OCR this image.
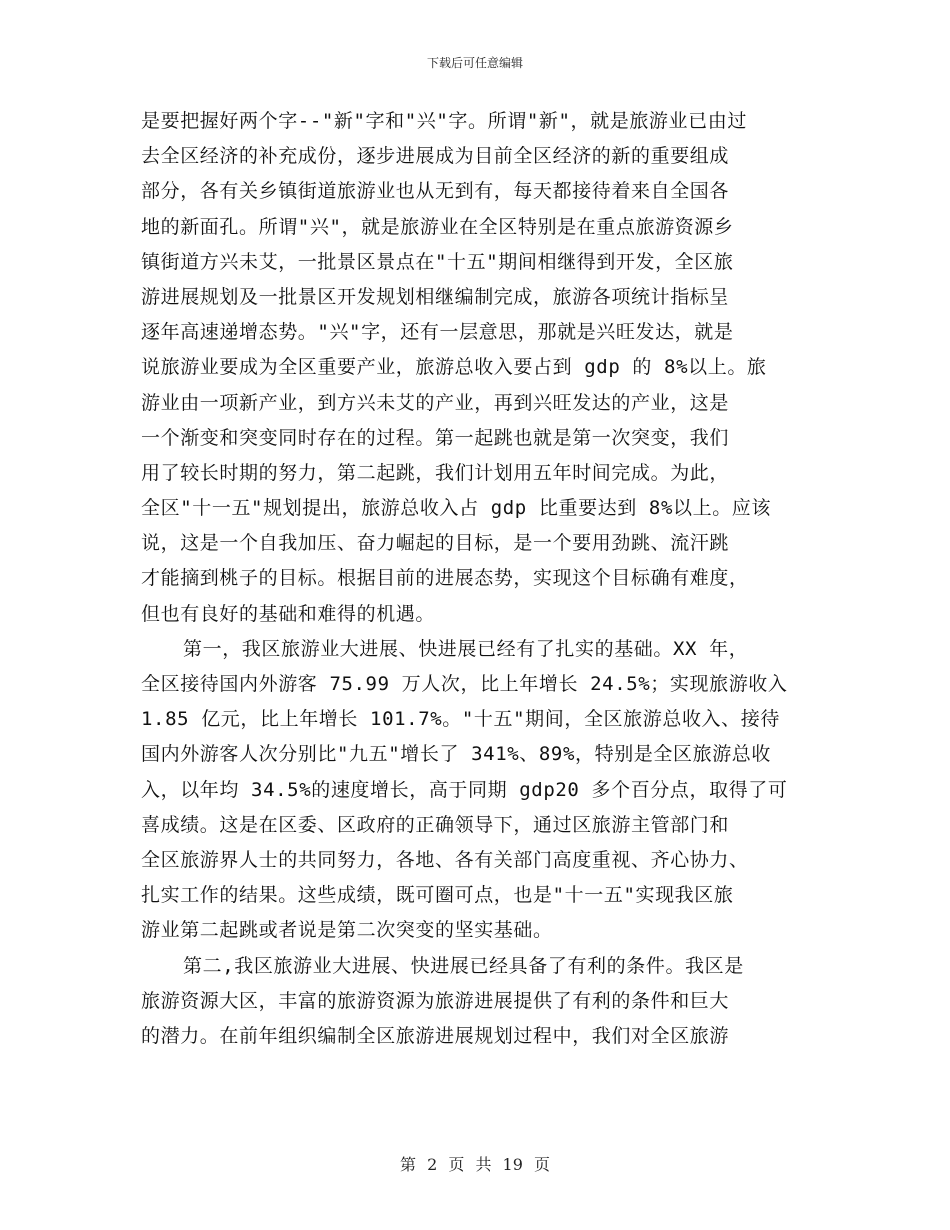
下载后可任意编辑
是要把握好两个字--"新"字和"兴"字。所谓"新"，就是旅游业已由过
去全区经济的补充成份，逐步进展成为目前全区经济的新的重要组成
部分，各有关乡镇街道旅游业也从无到有，每天都接待着来自全国各
地的新面孔。所谓"兴"，就是旅游业在全区特别是在重点旅游资源乡
镇街道方兴未艾，一批景区景点在"十五"期间相继得到开发，全区旅
游进展规划及一批景区开发规划相继编制完成，旅游各项统计指标呈
逐年高速递增态势。"兴"字，还有一层意思，那就是兴旺发达，就是
说旅游业要成为全区重要产业，旅游总收入要占到 gdp 的 8%以上。旅
游业由一项新产业，到方兴未艾的产业，再到兴旺发达的产业，这是
一个渐变和突变同时存在的过程。第一起跳也就是第一次突变，我们
用了较长时期的努力，第二起跳，我们计划用五年时间完成。为此，
全区"十一五"规划提出，旅游总收入占 gdp 比重要达到 8%以上。应该
说，这是一个自我加压、奋力崛起的目标，是一个要用劲跳、流汗跳
才能摘到桃子的目标。根据目前的进展态势，实现这个目标确有难度，
但也有良好的基础和难得的机遇。
第一，我区旅游业大进展、快进展已经有了扎实的基础。XX 年，
全区接待国内外游客 75.99 万人次，比上年增长 24.5%；实现旅游收入
1.85 亿元，比上年增长 101.7%。"十五"期间，全区旅游总收入、接待
国内外游客人次分别比"九五"增长了 341%、89%，特别是全区旅游总收
入，以年均 34.5%的速度增长，高于同期 gdp20 多个百分点，取得了可
喜成绩。这是在区委、区政府的正确领导下，通过区旅游主管部门和
全区旅游界人士的共同努力，各地、各有关部门高度重视、齐心协力、
扎实工作的结果。这些成绩，既可圈可点，也是"十一五"实现我区旅
游业第二起跳或者说是第二次突变的坚实基础。
第二,我区旅游业大进展、快进展已经具备了有利的条件。我区是
旅游资源大区，丰富的旅游资源为旅游进展提供了有利的条件和巨大
的潜力。在前年组织编制全区旅游进展规划过程中，我们对全区旅游
第 2 页 共 19 页
